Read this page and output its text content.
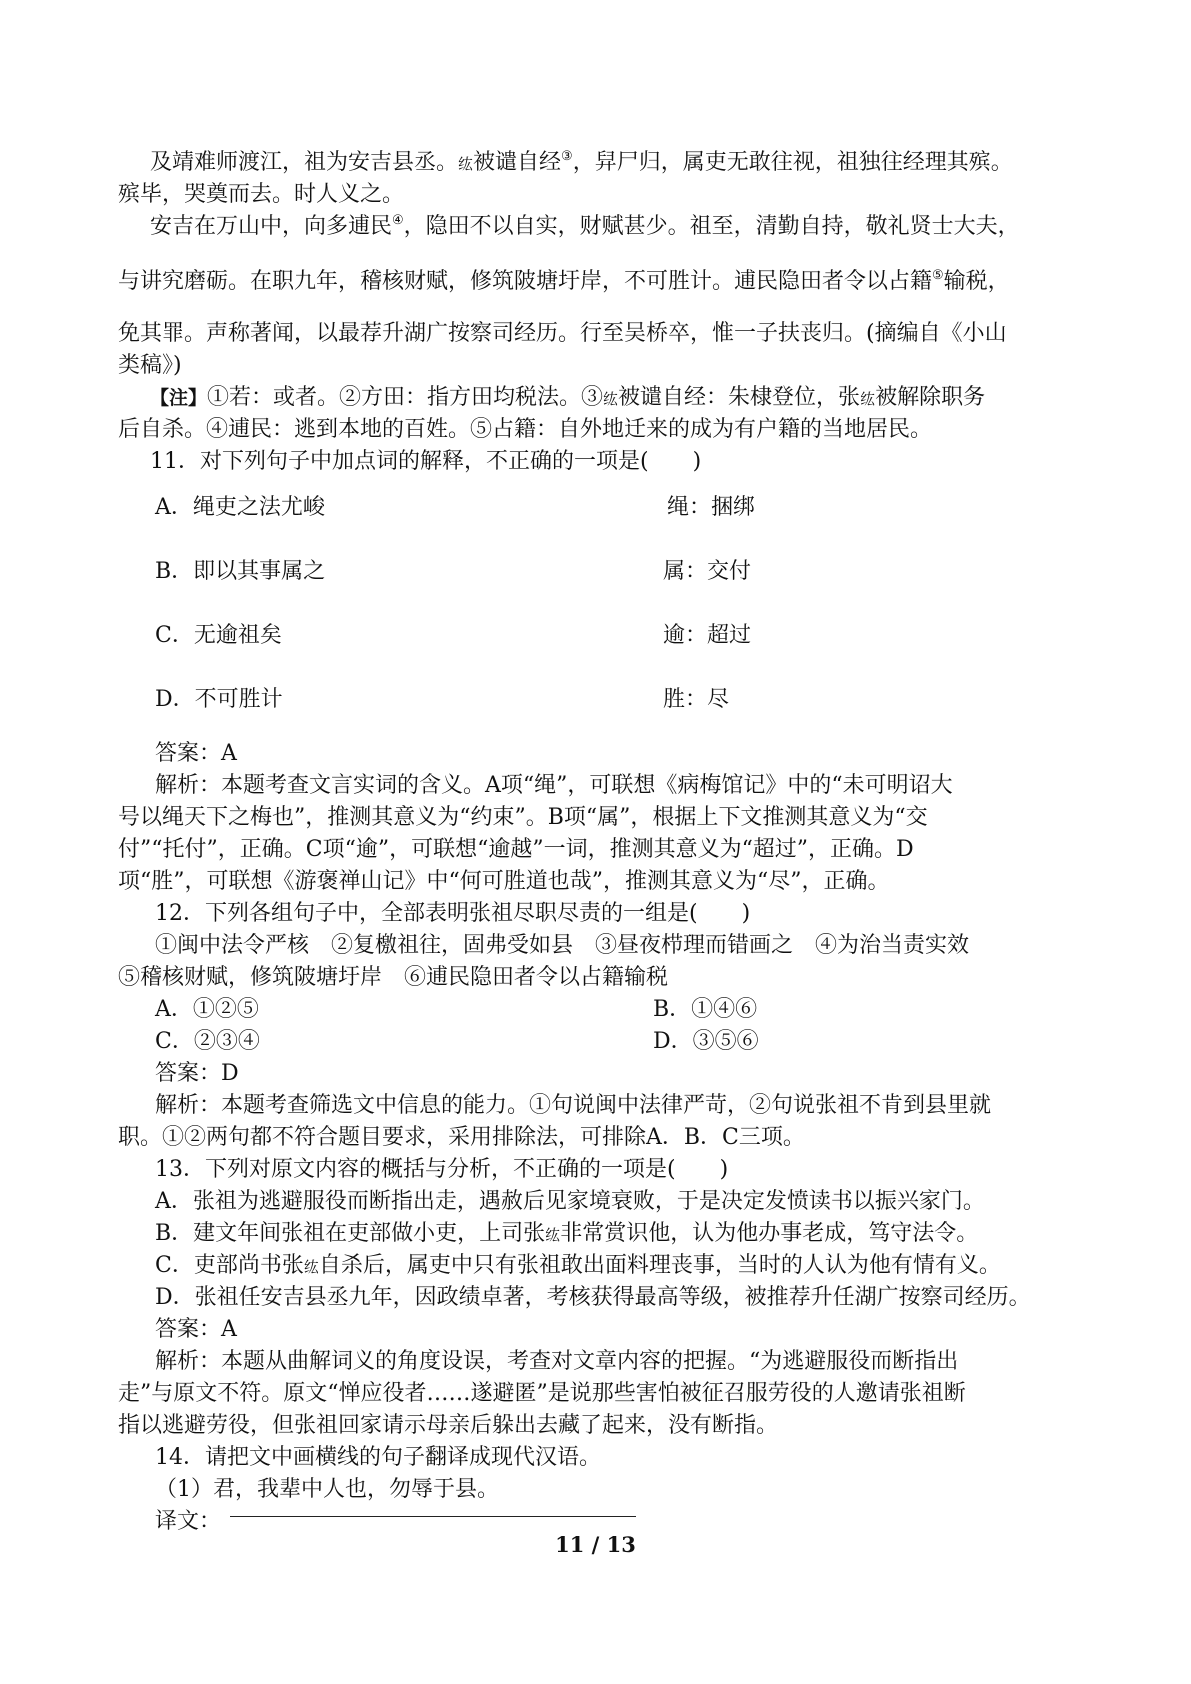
及靖难师渡江，祖为安吉县丞。纮被谴自经③，舁尸归，属吏无敢往视，祖独往经理其殡。
殡毕，哭奠而去。时人义之。
安吉在万山中，向多逋民④，隐田不以自实，财赋甚少。祖至，清勤自持，敬礼贤士大夫，
与讲究磨砺。在职九年，稽核财赋，修筑陂塘圩岸，不可胜计。逋民隐田者令以占籍⑤输税，
免其罪。声称著闻，以最荐升湖广按察司经历。行至吴桥卒，惟一子扶丧归。(摘编自《小山
类稿》)
【注】①若：或者。②方田：指方田均税法。③纮被谴自经：朱棣登位，张纮被解除职务
后自杀。④逋民：逃到本地的百姓。⑤占籍：自外地迁来的成为有户籍的当地居民。
11．对下列句子中加点词的解释，不正确的一项是(　　)
A．绳吏之法尤峻	绳：捆绑
B．即以其事属之	属：交付
C．无逾祖矣	逾：超过
D．不可胜计	胜：尽
答案：A
解析：本题考查文言实词的含义。A项“绳”，可联想《病梅馆记》中的“未可明诏大
号以绳天下之梅也”，推测其意义为“约束”。B项“属”，根据上下文推测其意义为“交
付”“托付”，正确。C项“逾”，可联想“逾越”一词，推测其意义为“超过”，正确。D
项“胜”，可联想《游褒禅山记》中“何可胜道也哉”，推测其意义为“尽”，正确。
12．下列各组句子中，全部表明张祖尽职尽责的一组是(　　)
①闽中法令严核　②复檄祖往，固弗受如县　③昼夜栉理而错画之　④为治当责实效
⑤稽核财赋，修筑陂塘圩岸　⑥逋民隐田者令以占籍输税
A．①②⑤	B．①④⑥
C．②③④	D．③⑤⑥
答案：D
解析：本题考查筛选文中信息的能力。①句说闽中法律严苛，②句说张祖不肯到县里就
职。①②两句都不符合题目要求，采用排除法，可排除A．B．C三项。
13．下列对原文内容的概括与分析，不正确的一项是(　　)
A．张祖为逃避服役而断指出走，遇赦后见家境衰败，于是决定发愤读书以振兴家门。
B．建文年间张祖在吏部做小吏，上司张纮非常赏识他，认为他办事老成，笃守法令。
C．吏部尚书张纮自杀后，属吏中只有张祖敢出面料理丧事，当时的人认为他有情有义。
D．张祖任安吉县丞九年，因政绩卓著，考核获得最高等级，被推荐升任湖广按察司经历。
答案：A
解析：本题从曲解词义的角度设误，考查对文章内容的把握。“为逃避服役而断指出
走”与原文不符。原文“惮应役者……遂避匿”是说那些害怕被征召服劳役的人邀请张祖断
指以逃避劳役，但张祖回家请示母亲后躲出去藏了起来，没有断指。
14．请把文中画横线的句子翻译成现代汉语。
（1）君，我辈中人也，勿辱于县。
译文：
11 / 13
